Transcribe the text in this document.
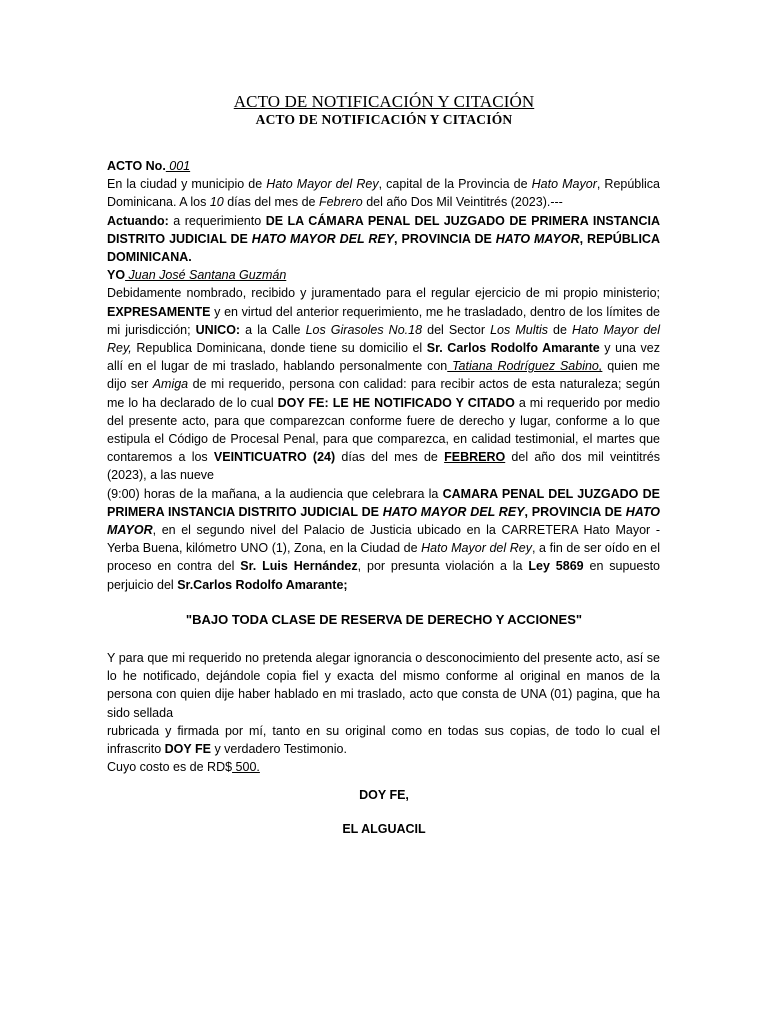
ACTO DE NOTIFICACIÓN Y CITACIÓN
ACTO DE NOTIFICACIÓN Y CITACIÓN

ACTO No. 001

En la ciudad y municipio de Hato Mayor del Rey, capital de la Provincia de Hato Mayor, República Dominicana. A los 10 días del mes de Febrero del año Dos Mil Veintitrés (2023).---

Actuando: a requerimiento DE LA CÁMARA PENAL DEL JUZGADO DE PRIMERA INSTANCIA DISTRITO JUDICIAL DE HATO MAYOR DEL REY, PROVINCIA DE HATO MAYOR, REPÚBLICA DOMINICANA.

YO Juan José Santana Guzmán

Debidamente nombrado, recibido y juramentado para el regular ejercicio de mi propio ministerio; EXPRESAMENTE y en virtud del anterior requerimiento, me he trasladado, dentro de los límites de mi jurisdicción; UNICO: a la Calle Los Girasoles No.18 del Sector Los Multis de Hato Mayor del Rey, Republica Dominicana, donde tiene su domicilio el Sr. Carlos Rodolfo Amarante y una vez allí en el lugar de mi traslado, hablando personalmente con Tatiana Rodríguez Sabino, quien me dijo ser Amiga de mi requerido, persona con calidad: para recibir actos de esta naturaleza; según me lo ha declarado de lo cual DOY FE: LE HE NOTIFICADO Y CITADO a mi requerido por medio del presente acto, para que comparezcan conforme fuere de derecho y lugar, conforme a lo que estipula el Código de Procesal Penal, para que comparezca, en calidad testimonial, el martes que contaremos a los VEINTICUATRO (24) días del mes de FEBRERO del año dos mil veintitrés (2023), a las nueve

(9:00) horas de la mañana, a la audiencia que celebrara la CAMARA PENAL DEL JUZGADO DE PRIMERA INSTANCIA DISTRITO JUDICIAL DE HATO MAYOR DEL REY, PROVINCIA DE HATO MAYOR, en el segundo nivel del Palacio de Justicia ubicado en la CARRETERA Hato Mayor - Yerba Buena, kilómetro UNO (1), Zona, en la Ciudad de Hato Mayor del Rey, a fin de ser oído en el proceso en contra del Sr. Luis Hernández, por presunta violación a la Ley 5869 en supuesto perjuicio del Sr.Carlos Rodolfo Amarante;

"BAJO TODA CLASE DE RESERVA DE DERECHO Y ACCIONES"

Y para que mi requerido no pretenda alegar ignorancia o desconocimiento del presente acto, así se lo he notificado, dejándole copia fiel y exacta del mismo conforme al original en manos de la persona con quien dije haber hablado en mi traslado, acto que consta de UNA (01) pagina, que ha sido sellada

rubricada y firmada por mí, tanto en su original como en todas sus copias, de todo lo cual el infrascrito DOY FE y verdadero Testimonio.

Cuyo costo es de RD$ 500.

DOY FE,
EL ALGUACIL
